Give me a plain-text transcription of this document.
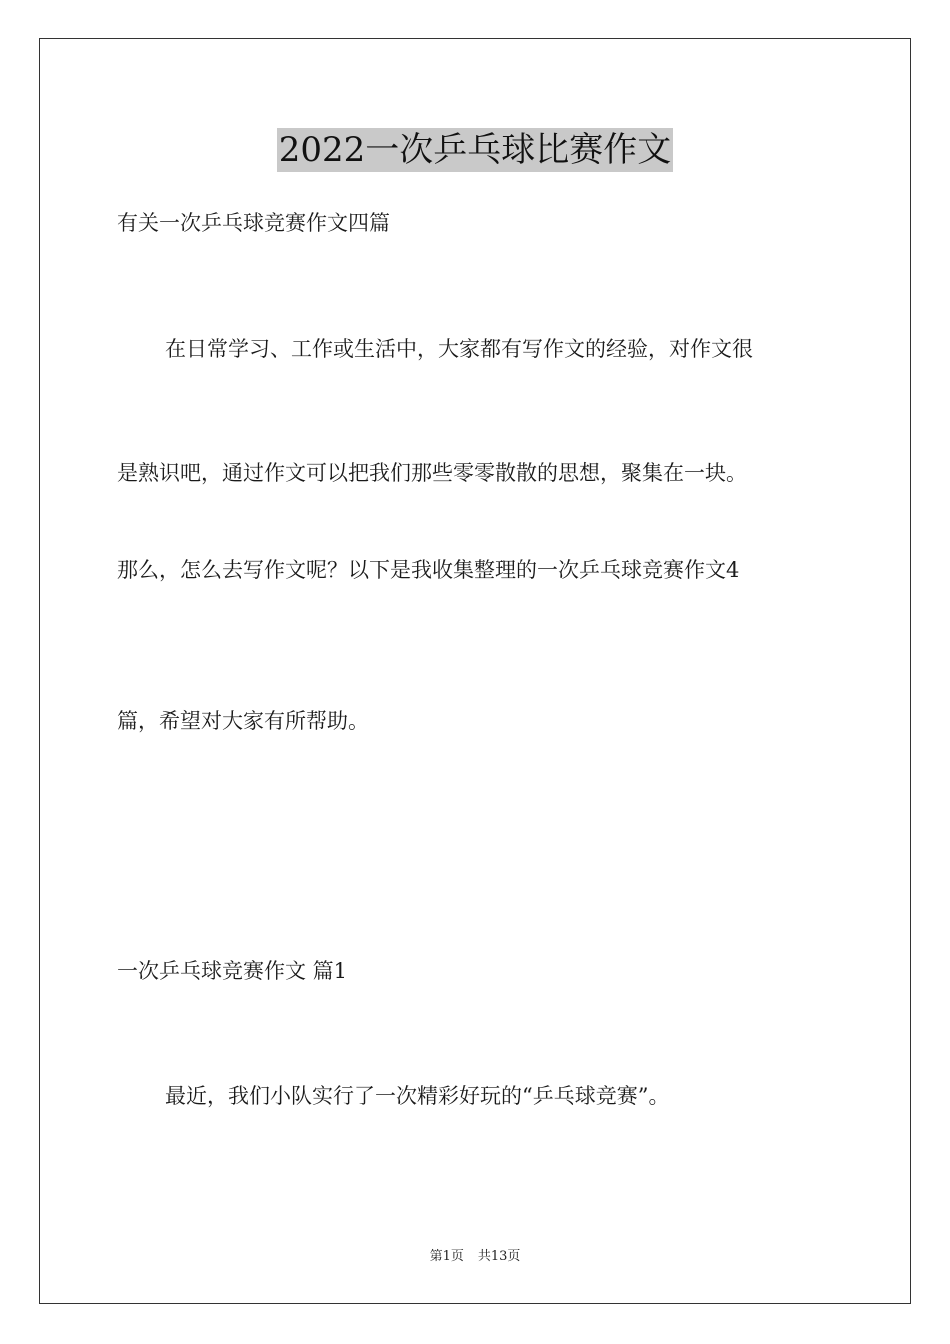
2022一次乒乓球比赛作文
有关一次乒乓球竞赛作文四篇
在日常学习、工作或生活中，大家都有写作文的经验，对作文很
是熟识吧，通过作文可以把我们那些零零散散的思想，聚集在一块。
那么，怎么去写作文呢？以下是我收集整理的一次乒乓球竞赛作文4
篇，希望对大家有所帮助。
一次乒乓球竞赛作文 篇1
最近，我们小队实行了一次精彩好玩的“乒乓球竞赛”。
第1页 共13页
